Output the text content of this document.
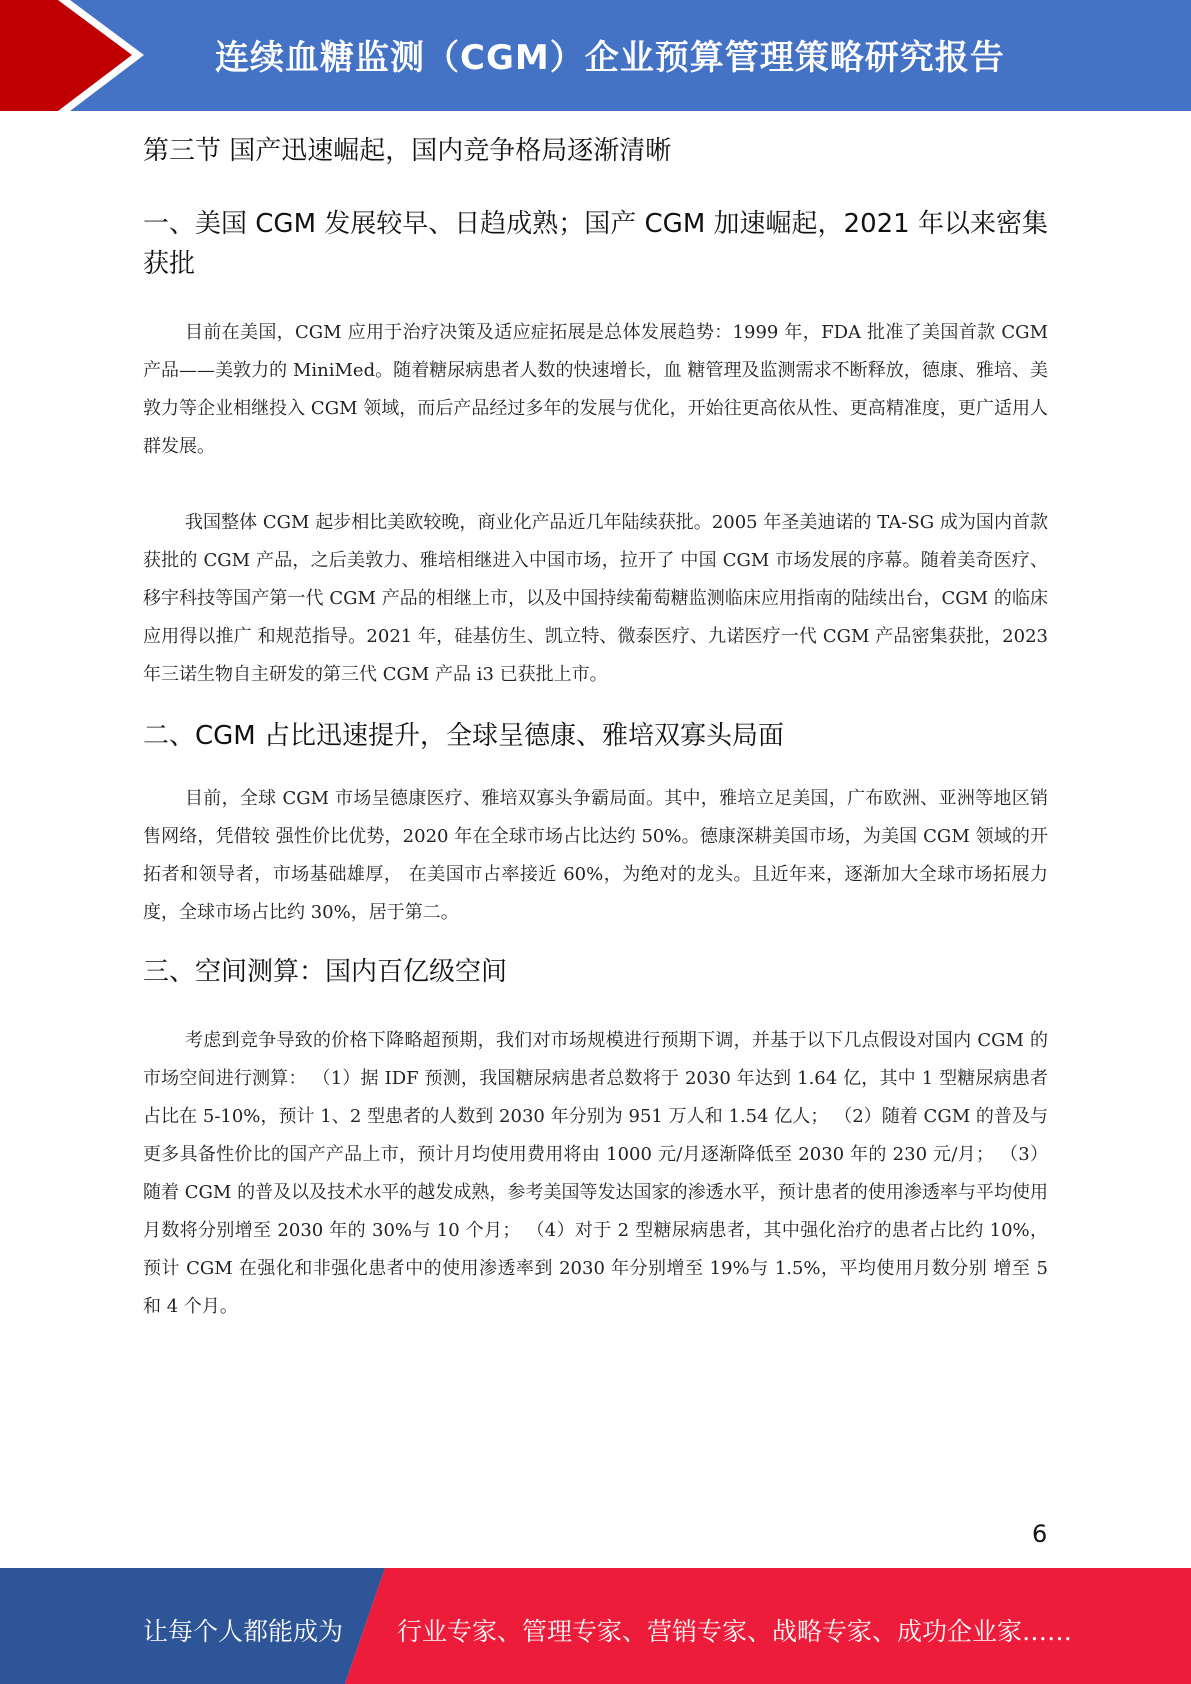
连续血糖监测（CGM）企业预算管理策略研究报告
第三节 国产迅速崛起，国内竞争格局逐渐清晰
一、美国 CGM 发展较早、日趋成熟；国产 CGM 加速崛起，2021 年以来密集获批

目前在美国，CGM 应用于治疗决策及适应症拓展是总体发展趋势：1999 年，FDA 批准了美国首款 CGM 产品——美敦力的 MiniMed。随着糖尿病患者人数的快速增长，血 糖管理及监测需求不断释放，德康、雅培、美敦力等企业相继投入 CGM 领域，而后产品经过多年的发展与优化，开始往更高依从性、更高精准度，更广适用人群发展。

我国整体 CGM 起步相比美欧较晚，商业化产品近几年陆续获批。2005 年圣美迪诺的 TA-SG 成为国内首款获批的 CGM 产品，之后美敦力、雅培相继进入中国市场，拉开了 中国 CGM 市场发展的序幕。随着美奇医疗、移宇科技等国产第一代 CGM 产品的相继上市，以及中国持续葡萄糖监测临床应用指南的陆续出台，CGM 的临床应用得以推广 和规范指导。2021 年，硅基仿生、凯立特、微泰医疗、九诺医疗一代 CGM 产品密集获批，2023 年三诺生物自主研发的第三代 CGM 产品 i3 已获批上市。

二、CGM 占比迅速提升，全球呈德康、雅培双寡头局面

目前，全球 CGM 市场呈德康医疗、雅培双寡头争霸局面。其中，雅培立足美国，广布欧洲、亚洲等地区销售网络，凭借较 强性价比优势，2020 年在全球市场占比达约 50%。德康深耕美国市场，为美国 CGM 领域的开拓者和领导者，市场基础雄厚， 在美国市占率接近 60%，为绝对的龙头。且近年来，逐渐加大全球市场拓展力度，全球市场占比约 30%，居于第二。

三、空间测算：国内百亿级空间

考虑到竞争导致的价格下降略超预期，我们对市场规模进行预期下调，并基于以下几点假设对国内 CGM 的市场空间进行测算： （1）据 IDF 预测，我国糖尿病患者总数将于 2030 年达到 1.64 亿，其中 1 型糖尿病患者占比在 5-10%，预计 1、2 型患者的人数到 2030 年分别为 951 万人和 1.54 亿人； （2）随着 CGM 的普及与更多具备性价比的国产产品上市，预计月均使用费用将由 1000 元/月逐渐降低至 2030 年的 230 元/月； （3）随着 CGM 的普及以及技术水平的越发成熟，参考美国等发达国家的渗透水平，预计患者的使用渗透率与平均使用月数将分别增至 2030 年的 30%与 10 个月； （4）对于 2 型糖尿病患者，其中强化治疗的患者占比约 10%，预计 CGM 在强化和非强化患者中的使用渗透率到 2030 年分别增至 19%与 1.5%，平均使用月数分别 增至 5 和 4 个月。

6
让每个人都能成为 行业专家、管理专家、营销专家、战略专家、成功企业家……
